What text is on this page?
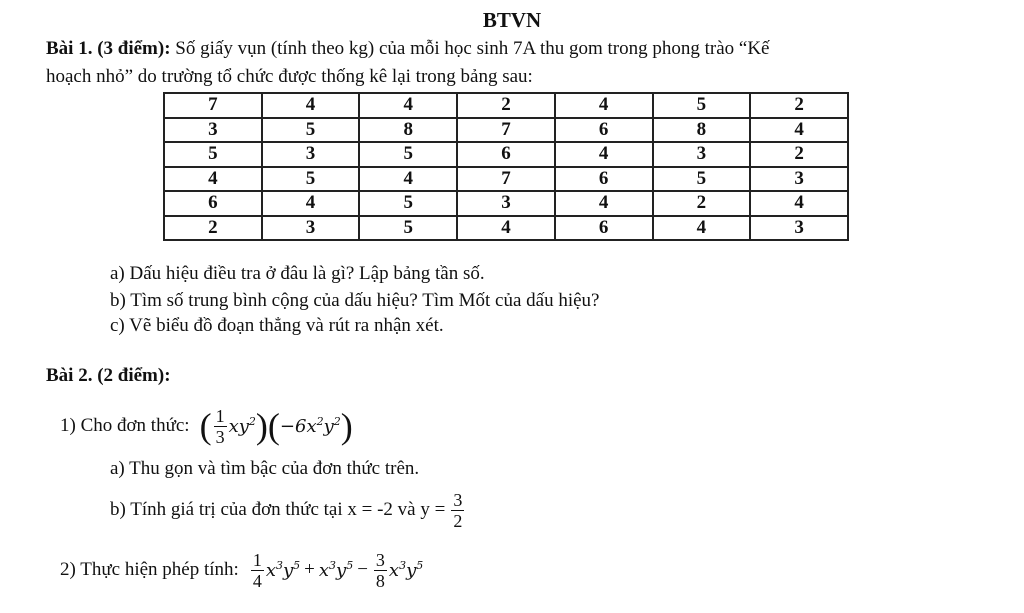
BTVN
Bài 1. (3 điểm): Số giấy vụn (tính theo kg) của mỗi học sinh 7A thu gom trong phong trào “Kế
hoạch nhỏ” do trường tổ chức được thống kê lại trong bảng sau:
7	4	4	2	4	5	2
3	5	8	7	6	8	4
5	3	5	6	4	3	2
4	5	4	7	6	5	3
6	4	5	3	4	2	4
2	3	5	4	6	4	3
a) Dấu hiệu điều tra ở đâu là gì? Lập bảng tần số.
b) Tìm số trung bình cộng của dấu hiệu? Tìm Mốt của dấu hiệu?
c) Vẽ biểu đồ đoạn thẳng và rút ra nhận xét.
Bài 2. (2 điểm):
1) Cho đơn thức: ( $\frac{1}{3} xy^2$ ) ( $-6x^2y^2$ )
a) Thu gọn và tìm bậc của đơn thức trên.
b) Tính giá trị của đơn thức tại x = -2 và $y = \frac{3}{2}$
2) Thực hiện phép tính: $\frac{1}{4} x^3y^5 + x^3y^5 - \frac{3}{8} x^3y^5$
